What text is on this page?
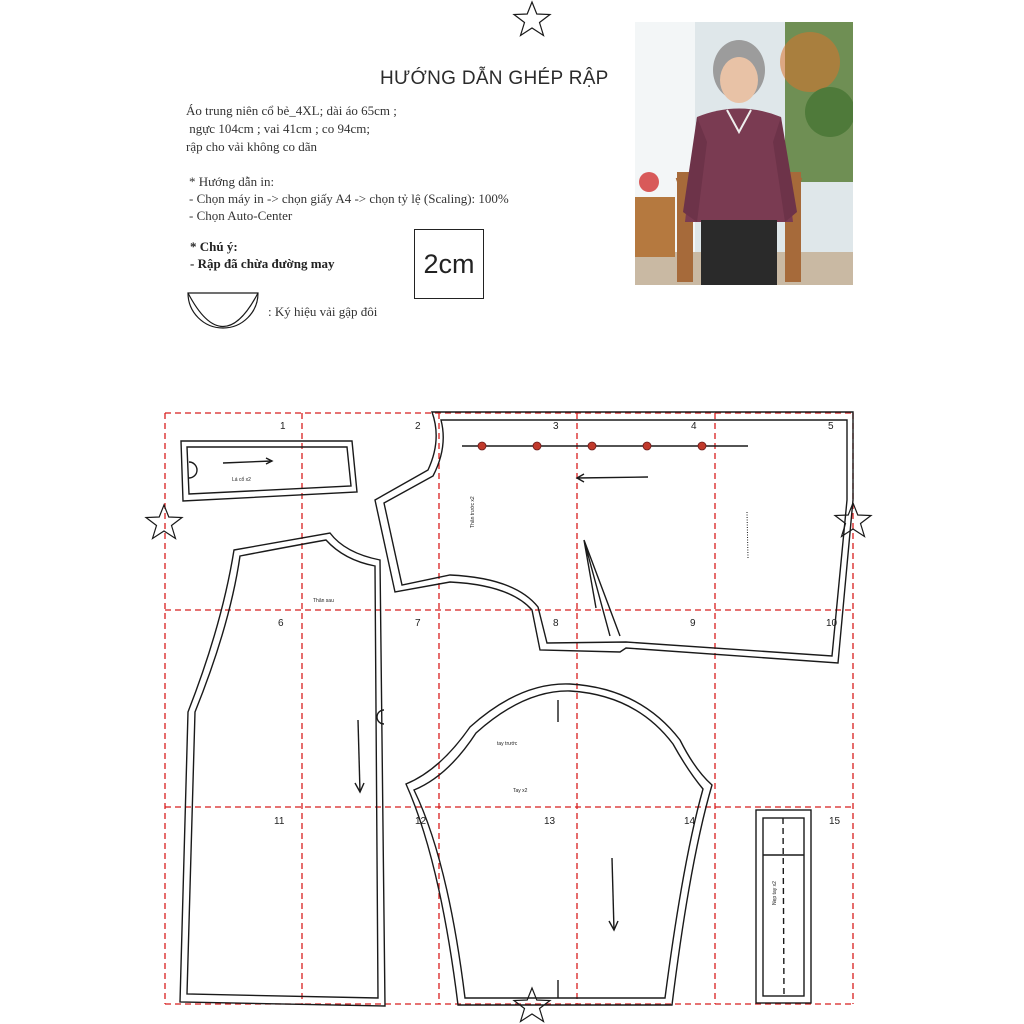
HƯỚNG DẪN GHÉP RẬP
Áo trung niên cổ bẻ_4XL; dài áo 65cm ;
ngực 104cm ; vai 41cm ; co 94cm;
rập cho vải không co dãn
* Hướng dẫn in:
- Chọn máy in -> chọn giấy A4 -> chọn tỷ lệ (Scaling): 100%
- Chọn Auto-Center
* Chú ý:
- Rập đã chừa đường may	2cm
: Ký hiệu vải gập đôi
1	2	3	4	5
6	7	8	9	10
11	12	13	14	15
Lá cổ x2
Thân trước x2
Thân sau
tay trước
Tay x2
Nẹp tay x2
